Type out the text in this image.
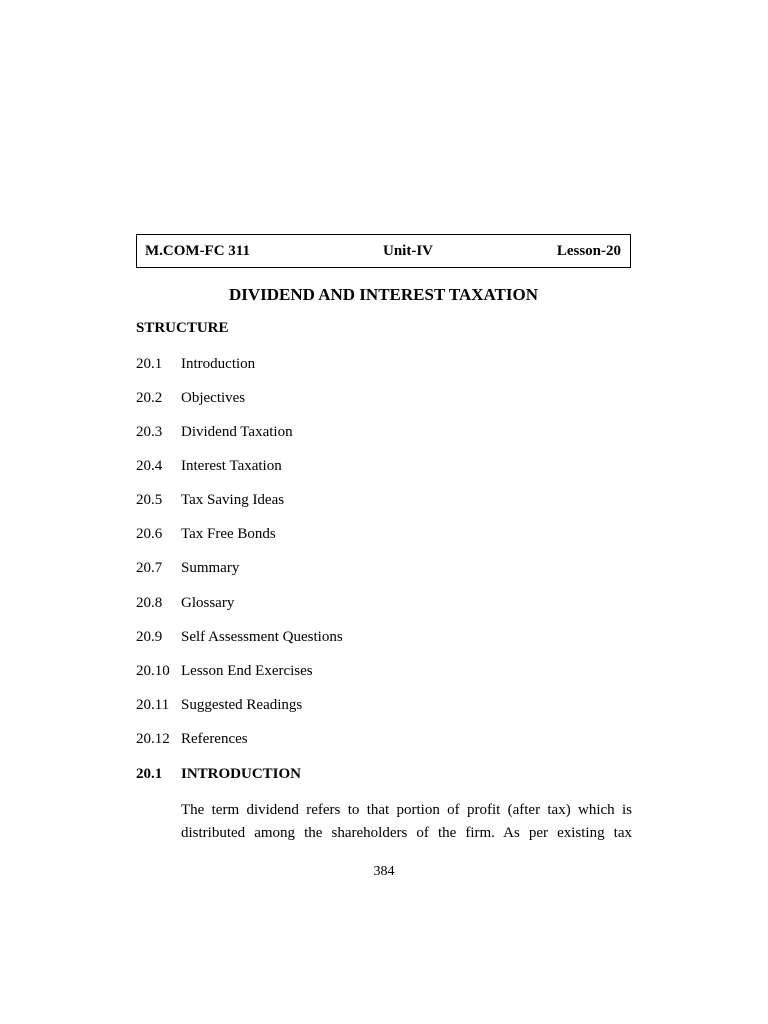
M.COM-FC 311	Unit-IV	Lesson-20
DIVIDEND AND INTEREST TAXATION
STRUCTURE
20.1 Introduction
20.2 Objectives
20.3 Dividend Taxation
20.4 Interest Taxation
20.5 Tax Saving Ideas
20.6 Tax Free Bonds
20.7 Summary
20.8 Glossary
20.9 Self Assessment Questions
20.10 Lesson End Exercises
20.11 Suggested Readings
20.12 References
20.1 INTRODUCTION
The term dividend refers to that portion of profit (after tax) which is
distributed among the shareholders of the firm. As per existing tax
384
